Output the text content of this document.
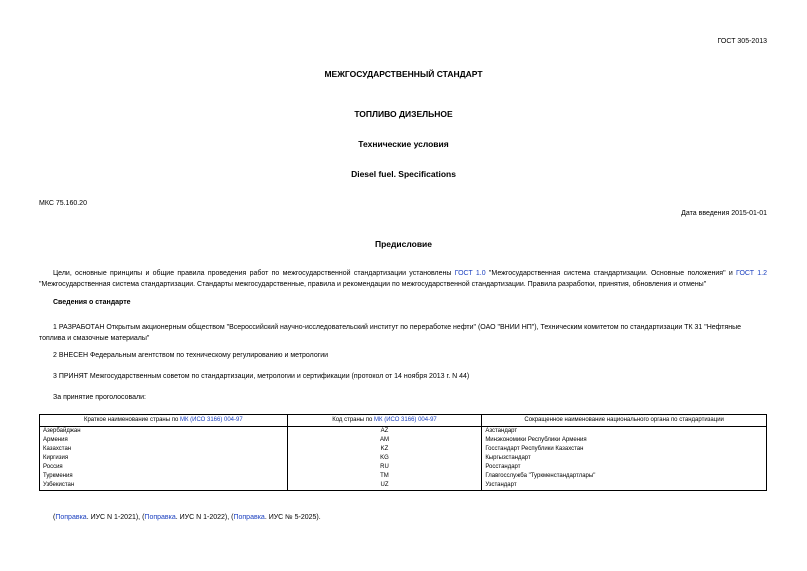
ГОСТ 305-2013
МЕЖГОСУДАРСТВЕННЫЙ СТАНДАРТ
ТОПЛИВО ДИЗЕЛЬНОЕ
Технические условия
Diesel fuel. Specifications
МКС 75.160.20
Дата введения 2015-01-01
Предисловие
Цели, основные принципы и общие правила проведения работ по межгосударственной стандартизации установлены ГОСТ 1.0 "Межгосударственная система стандартизации. Основные положения" и ГОСТ 1.2 "Межгосударственная система стандартизации. Стандарты межгосударственные, правила и рекомендации по межгосударственной стандартизации. Правила разработки, принятия, обновления и отмены"
Сведения о стандарте
1 РАЗРАБОТАН Открытым акционерным обществом "Всероссийский научно-исследовательский институт по переработке нефти" (ОАО "ВНИИ НП"), Техническим комитетом по стандартизации ТК 31 "Нефтяные топлива и смазочные материалы"
2 ВНЕСЕН Федеральным агентством по техническому регулированию и метрологии
3 ПРИНЯТ Межгосударственным советом по стандартизации, метрологии и сертификации (протокол от 14 ноября 2013 г. N 44)
За принятие проголосовали:
Краткое наименование страны по МК (ИСО 3166) 004-97	Код страны по МК (ИСО 3166) 004-97	Сокращенное наименование национального органа по стандартизации
Азербайджан	AZ	Азстандарт
Армения	AM	Минэкономики Республики Армения
Казахстан	KZ	Госстандарт Республики Казахстан
Киргизия	KG	Кыргызстандарт
Россия	RU	Росстандарт
Туркмения	TM	Главгосслужба "Туркменстандартлары"
Узбекистан	UZ	Узстандарт
(Поправка. ИУС N 1-2021), (Поправка. ИУС N 1-2022), (Поправка. ИУС № 5-2025).
